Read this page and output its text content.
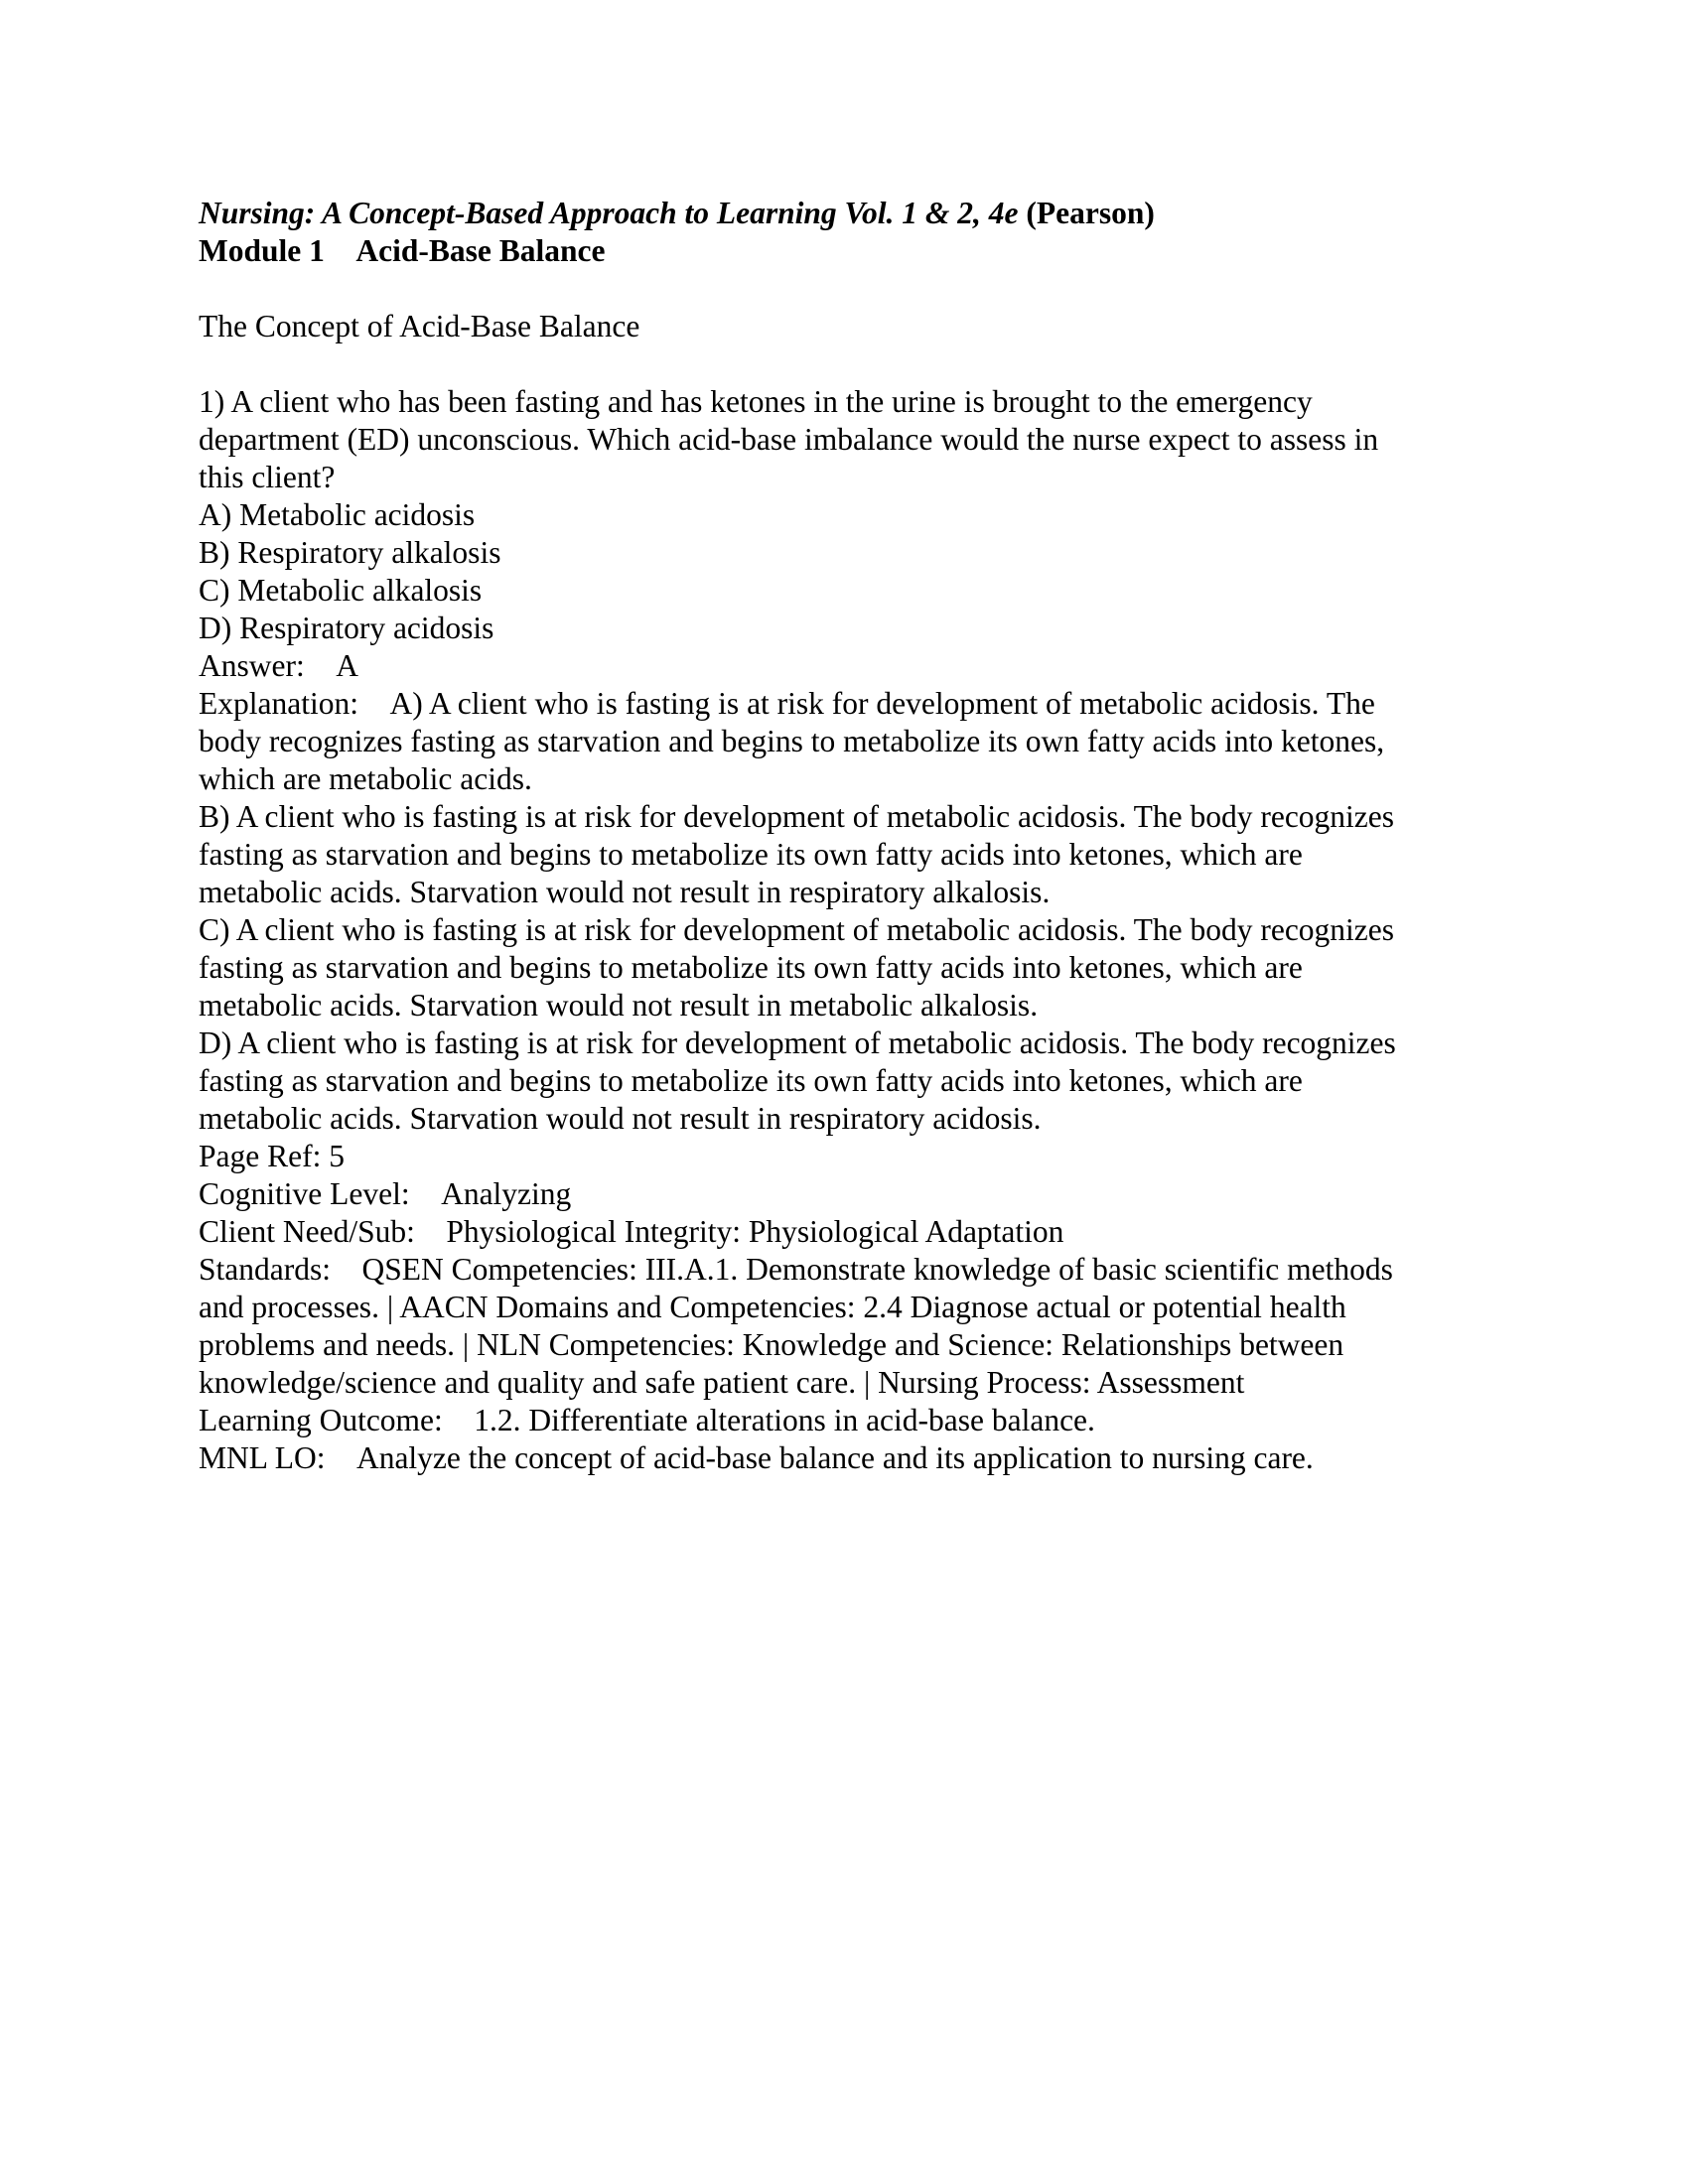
Nursing: A Concept-Based Approach to Learning Vol. 1 & 2, 4e (Pearson)
Module 1 Acid-Base Balance
The Concept of Acid-Base Balance
1) A client who has been fasting and has ketones in the urine is brought to the emergency
department (ED) unconscious. Which acid-base imbalance would the nurse expect to assess in
this client?
A) Metabolic acidosis
B) Respiratory alkalosis
C) Metabolic alkalosis
D) Respiratory acidosis
Answer: A
Explanation: A) A client who is fasting is at risk for development of metabolic acidosis. The
body recognizes fasting as starvation and begins to metabolize its own fatty acids into ketones,
which are metabolic acids.
B) A client who is fasting is at risk for development of metabolic acidosis. The body recognizes
fasting as starvation and begins to metabolize its own fatty acids into ketones, which are
metabolic acids. Starvation would not result in respiratory alkalosis.
C) A client who is fasting is at risk for development of metabolic acidosis. The body recognizes
fasting as starvation and begins to metabolize its own fatty acids into ketones, which are
metabolic acids. Starvation would not result in metabolic alkalosis.
D) A client who is fasting is at risk for development of metabolic acidosis. The body recognizes
fasting as starvation and begins to metabolize its own fatty acids into ketones, which are
metabolic acids. Starvation would not result in respiratory acidosis.
Page Ref: 5
Cognitive Level: Analyzing
Client Need/Sub: Physiological Integrity: Physiological Adaptation
Standards: QSEN Competencies: III.A.1. Demonstrate knowledge of basic scientific methods
and processes. | AACN Domains and Competencies: 2.4 Diagnose actual or potential health
problems and needs. | NLN Competencies: Knowledge and Science: Relationships between
knowledge/science and quality and safe patient care. | Nursing Process: Assessment
Learning Outcome: 1.2. Differentiate alterations in acid-base balance.
MNL LO: Analyze the concept of acid-base balance and its application to nursing care.
